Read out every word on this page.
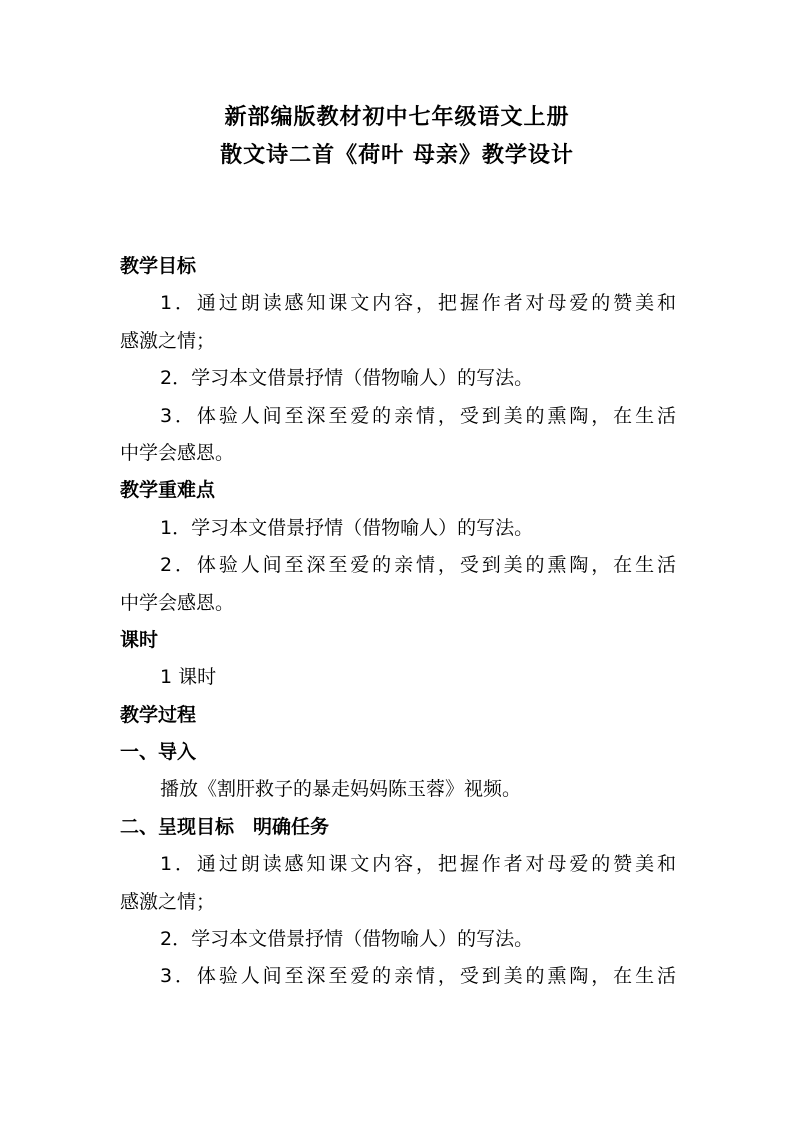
新部编版教材初中七年级语文上册
散文诗二首《荷叶 母亲》教学设计
教学目标
1．通过朗读感知课文内容，把握作者对母爱的赞美和
感激之情；
2．学习本文借景抒情（借物喻人）的写法。
3．体验人间至深至爱的亲情，受到美的熏陶，在生活
中学会感恩。
教学重难点
1．学习本文借景抒情（借物喻人）的写法。
2．体验人间至深至爱的亲情，受到美的熏陶，在生活
中学会感恩。
课时
1 课时
教学过程
一、导入
播放《割肝救子的暴走妈妈陈玉蓉》视频。
二、呈现目标　明确任务
1．通过朗读感知课文内容，把握作者对母爱的赞美和
感激之情；
2．学习本文借景抒情（借物喻人）的写法。
3．体验人间至深至爱的亲情，受到美的熏陶，在生活
